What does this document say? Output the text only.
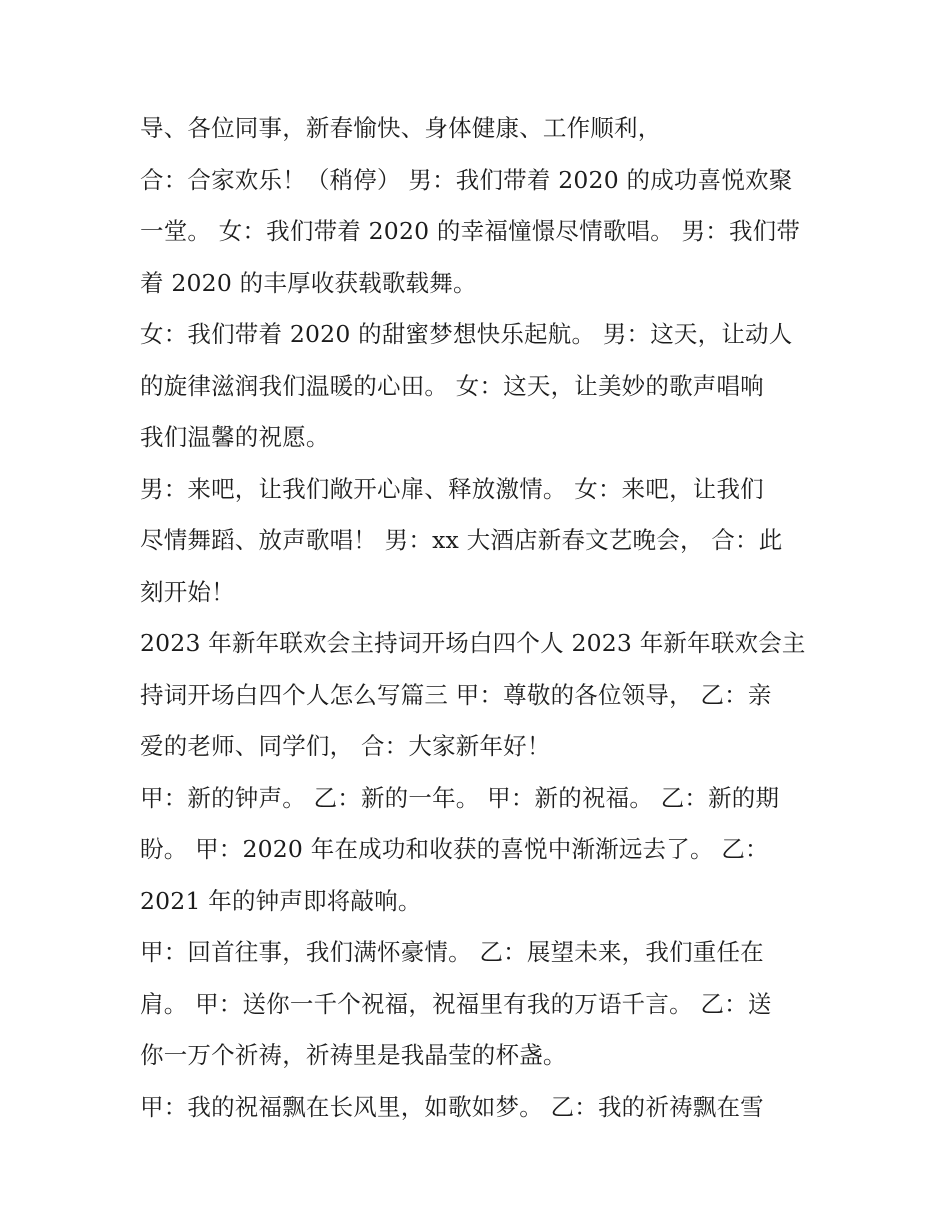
导、各位同事，新春愉快、身体健康、工作顺利，
合：合家欢乐！（稍停） 男：我们带着 2020 的成功喜悦欢聚
一堂。 女：我们带着 2020 的幸福憧憬尽情歌唱。 男：我们带
着 2020 的丰厚收获载歌载舞。
女：我们带着 2020 的甜蜜梦想快乐起航。 男：这天，让动人
的旋律滋润我们温暖的心田。 女：这天，让美妙的歌声唱响
我们温馨的祝愿。
男：来吧，让我们敞开心扉、释放激情。 女：来吧，让我们
尽情舞蹈、放声歌唱！ 男：xx 大酒店新春文艺晚会， 合：此
刻开始！
2023 年新年联欢会主持词开场白四个人 2023 年新年联欢会主
持词开场白四个人怎么写篇三 甲：尊敬的各位领导， 乙：亲
爱的老师、同学们， 合：大家新年好！
甲：新的钟声。 乙：新的一年。 甲：新的祝福。 乙：新的期
盼。 甲：2020 年在成功和收获的喜悦中渐渐远去了。 乙：
2021 年的钟声即将敲响。
甲：回首往事，我们满怀豪情。 乙：展望未来，我们重任在
肩。 甲：送你一千个祝福，祝福里有我的万语千言。 乙：送
你一万个祈祷，祈祷里是我晶莹的杯盏。
甲：我的祝福飘在长风里，如歌如梦。 乙：我的祈祷飘在雪
